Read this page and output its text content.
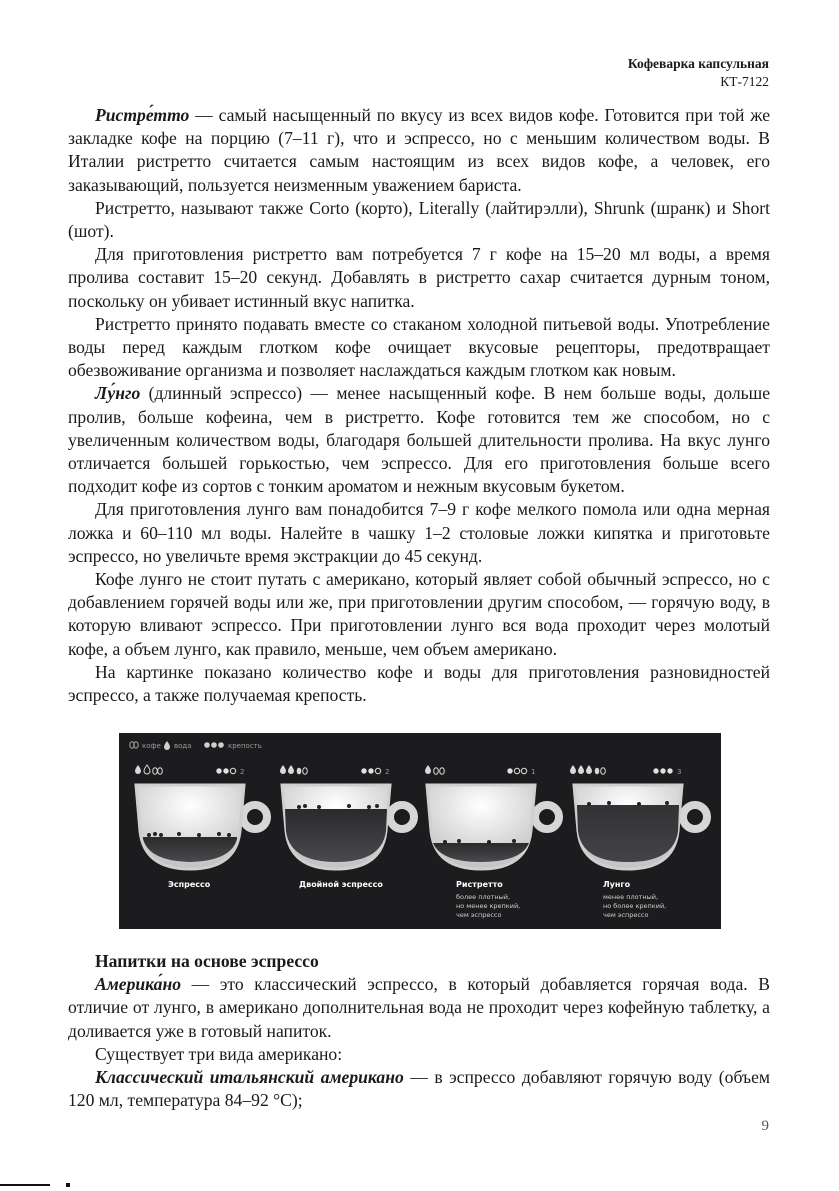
Кофеварка капсульная
КТ-7122

Ристре́тто — самый насыщенный по вкусу из всех видов кофе. Готовится при той же закладке кофе на порцию (7–11 г), что и эспрессо, но с меньшим количеством воды. В Италии ристретто считается самым настоящим из всех видов кофе, а человек, его заказывающий, пользуется неизменным уважением бариста.

Ристретто, называют также Corto (корто), Literally (лайтирэлли), Shrunk (шранк) и Short (шот).

Для приготовления ристретто вам потребуется 7 г кофе на 15–20 мл воды, а время пролива составит 15–20 секунд. Добавлять в ристретто сахар считается дурным тоном, поскольку он убивает истинный вкус напитка.

Ристретто принято подавать вместе со стаканом холодной питьевой воды. Употребление воды перед каждым глотком кофе очищает вкусовые рецепторы, предотвращает обезвоживание организма и позволяет наслаждаться каждым глотком как новым.

Лу́нго (длинный эспрессо) — менее насыщенный кофе. В нем больше воды, дольше пролив, больше кофеина, чем в ристретто. Кофе готовится тем же способом, но с увеличенным количеством воды, благодаря большей длительности пролива. На вкус лунго отличается большей горькостью, чем эспрессо. Для его приготовления больше всего подходит кофе из сортов с тонким ароматом и нежным вкусовым букетом.

Для приготовления лунго вам понадобится 7–9 г кофе мелкого помола или одна мерная ложка и 60–110 мл воды. Налейте в чашку 1–2 столовые ложки кипятка и приготовьте эспрессо, но увеличьте время экстракции до 45 секунд.

Кофе лунго не стоит путать с американо, который являет собой обычный эспрессо, но с добавлением горячей воды или же, при приготовлении другим способом, — горячую воду, в которую вливают эспрессо. При приготовлении лунго вся вода проходит через молотый кофе, а объем лунго, как правило, меньше, чем объем американо.

На картинке показано количество кофе и воды для приготовления разновидностей эспрессо, а также получаемая крепость.

кофе вода	крепость
2
Эспрессо
2
Двойной эспрессо
1
Ристретто
более плотный,
но менее крепкий,
чем эспрессо
3
Лунго
менее плотный,
но более крепкий,
чем эспрессо

Напитки на основе эспрессо

Америка́но — это классический эспрессо, в который добавляется горячая вода. В отличие от лунго, в американо дополнительная вода не проходит через кофейную таблетку, а доливается уже в готовый напиток.

Существует три вида американо:

Классический итальянский американо — в эспрессо добавляют горячую воду (объем 120 мл, температура 84–92 °C);

9
